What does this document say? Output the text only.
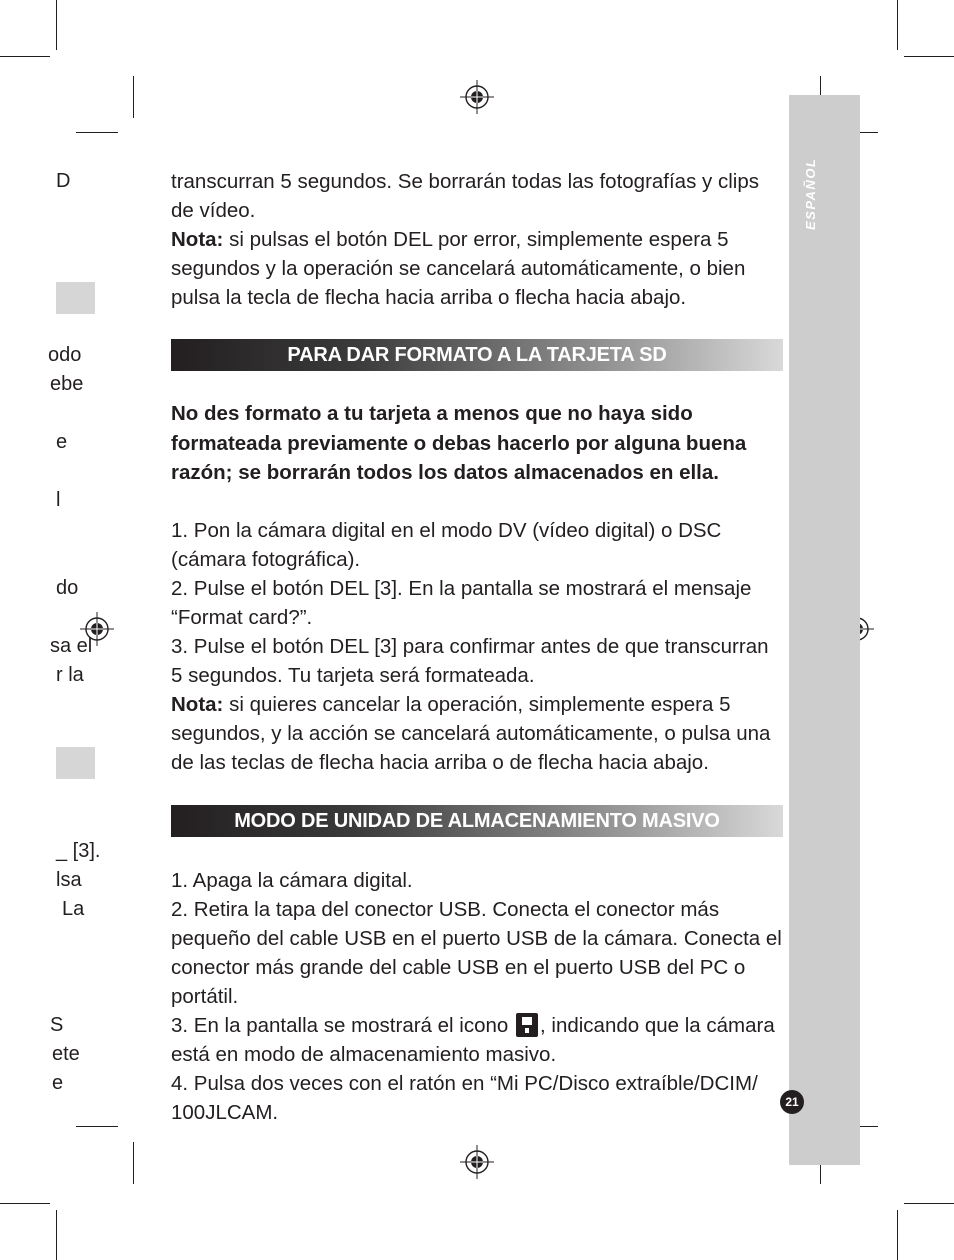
ESPAÑOL
21
D
odo
ebe
e
l
do
sa el
r la
_ [3].
lsa
La
S
ete
e

transcurran 5 segundos. Se borrarán todas las fotografías y clips de vídeo.

Nota: si pulsas el botón DEL por error, simplemente espera 5 segundos y la operación se cancelará automáticamente, o bien pulsa la tecla de flecha hacia arriba o flecha hacia abajo.

PARA DAR FORMATO A LA TARJETA SD

No des formato a tu tarjeta a menos que no haya sido formateada previamente o debas hacerlo por alguna buena razón; se borrarán todos los datos almacenados en ella.

1. Pon la cámara digital en el modo DV (vídeo digital) o DSC (cámara fotográfica).

2. Pulse el botón DEL [3]. En la pantalla se mostrará el mensaje “Format card?”.

3. Pulse el botón DEL [3] para confirmar antes de que transcurran 5 segundos. Tu tarjeta será formateada.

Nota: si quieres cancelar la operación, simplemente espera 5 segundos, y la acción se cancelará automáticamente, o pulsa una de las teclas de flecha hacia arriba o de flecha hacia abajo.

MODO DE UNIDAD DE ALMACENAMIENTO MASIVO

1. Apaga la cámara digital.

2. Retira la tapa del conector USB. Conecta el conector más pequeño del cable USB en el puerto USB de la cámara. Conecta el conector más grande del cable USB en el puerto USB del PC o portátil.

3. En la pantalla se mostrará el icono , indicando que la cámara está en modo de almacenamiento masivo.

4. Pulsa dos veces con el ratón en “Mi PC/Disco extraíble/DCIM/ 100JLCAM.
